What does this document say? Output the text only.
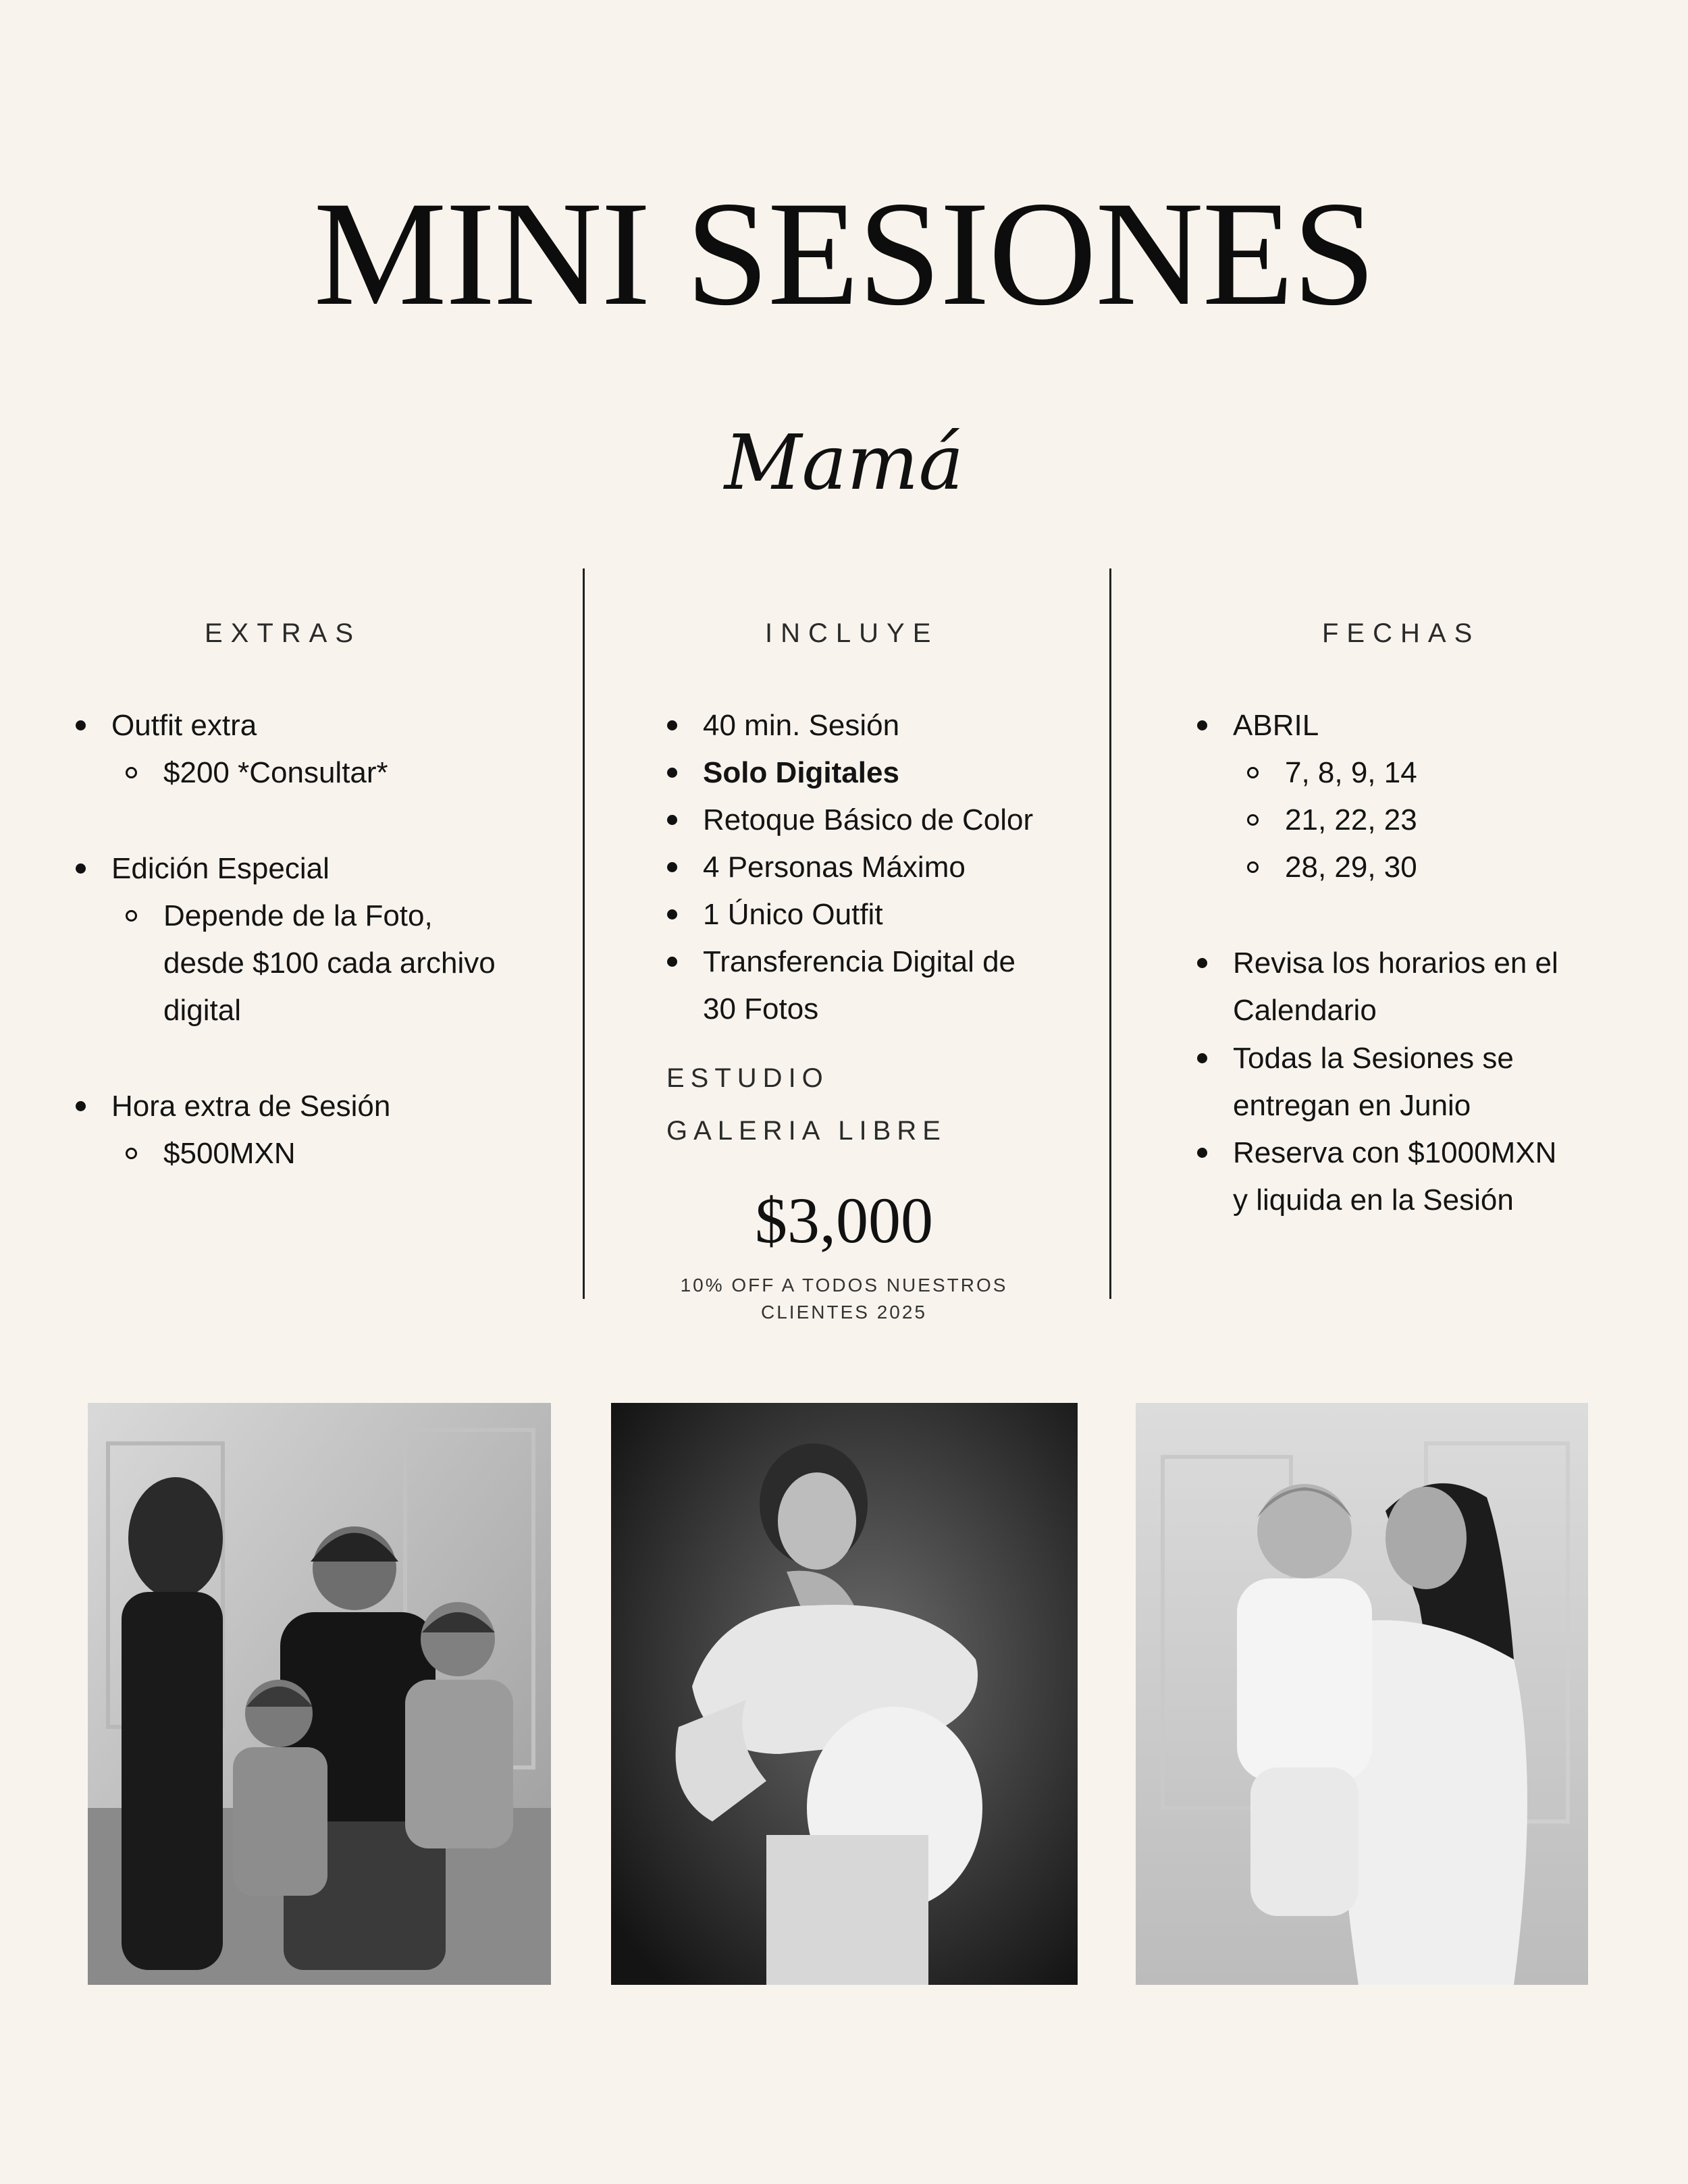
MINI SESIONES
Mamá
EXTRAS
Outfit extra
$200 *Consultar*
Edición Especial
Depende de la Foto,
desde $100 cada archivo
digital
Hora extra de Sesión
$500MXN
INCLUYE
40 min. Sesión
Solo Digitales
Retoque Básico de Color
4 Personas Máximo
1 Único Outfit
Transferencia Digital de
30 Fotos
ESTUDIO
GALERIA LIBRE
$3,000
10% OFF A TODOS NUESTROS
CLIENTES 2025
FECHAS
ABRIL
7, 8, 9, 14
21, 22, 23
28, 29, 30
Revisa los horarios en el
Calendario
Todas la Sesiones se
entregan en Junio
Reserva con $1000MXN
y liquida en la Sesión
